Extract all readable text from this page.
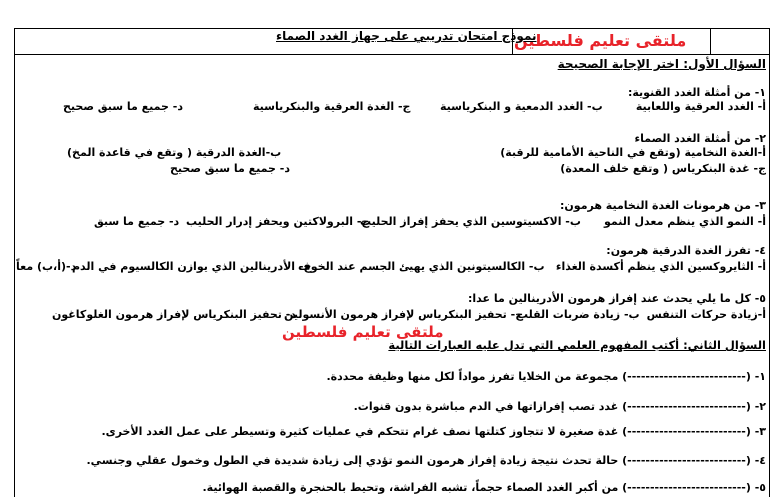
ملتقى تعليم فلسطين
نموذج امتحان تدريبي على جهاز الغدد الصماء
السؤال الأول: اختر الإجابة الصحيحة
١- من أمثلة الغدد القنوية:
أ- الغدد العرقية واللعابية
ب- الغدد الدمعية و البنكرياسية
ج- الغدة العرقية والبنكرياسية
د- جميع ما سبق صحيح
٢- من أمثلة الغدد الصماء
أ-الغدة النخامية (وتقع في الناحية الأمامية للرقبة)
ب-الغدة الدرقية ( وتقع في قاعدة المخ)
ج- غدة البنكرياس ( وتقع خلف المعدة)
د- جميع ما سبق صحيح
٣- من هرمونات الغدة النخامية هرمون:
أ- النمو الذي ينظم معدل النمو
ب- الاكسيتوسين الذي يحفز إفراز الحليب
ج- البرولاكتين ويحفز إدرار الحليب
د- جميع ما سبق
٤- تفرز الغدة الدرقية هرمون:
أ- الثايروكسين الذي ينظم أكسدة الغذاء
ب- الكالسيتونين الذي يهيئ الجسم عند الخوف
ج- الأدرينالين الذي يوازن الكالسيوم في الدم
د-(أ،ب) معاً
٥- كل ما يلي يحدث عند إفراز هرمون الأدرينالين ما عدا:
أ-زيادة حركات التنفس
ب- زيادة ضربات القلب
ج- تحفيز البنكرياس لإفراز هرمون الأنسولين
د- تحفيز البنكرياس لإفراز هرمون الغلوكاغون
ملتقى تعليم فلسطين
السؤال الثاني: أكتب المفهوم العلمي التي تدل عليه العبارات التالية
١- (--------------------------) مجموعة من الخلايا تفرز مواداً لكل منها وظيفة محددة.
٢- (--------------------------) غدد تصب إفرازاتها في الدم مباشرة بدون قنوات.
٣- (--------------------------) غدة صغيرة لا تتجاوز كتلتها نصف غرام تتحكم في عمليات كثيرة وتسيطر على عمل الغدد الأخرى.
٤- (--------------------------) حالة تحدث نتيجة زيادة إفراز هرمون النمو تؤدي إلى زيادة شديدة في الطول وخمول عقلي وجنسي.
٥- (--------------------------) من أكبر الغدد الصماء حجماً، تشبه الفراشة، وتحيط بالحنجرة والقصبة الهوائية.
